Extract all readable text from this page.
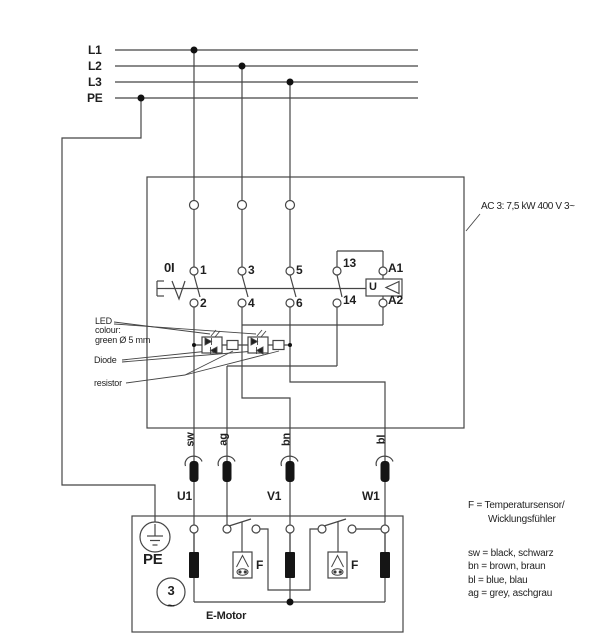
L1
L2
L3
PE
AC 3: 7,5 kW 400 V 3~
0I 1	3	5	13	A1
2	4	6	14	A2
U
LED
colour:
green Ø 5 mm
Diode
resistor
sw ag	bn	bl
U1	V1	W1
PE
3
~
E-Motor
F	F
F = Temperatursensor/
Wicklungsfühler
sw = black, schwarz
bn = brown, braun
bl = blue, blau
ag = grey, aschgrau
